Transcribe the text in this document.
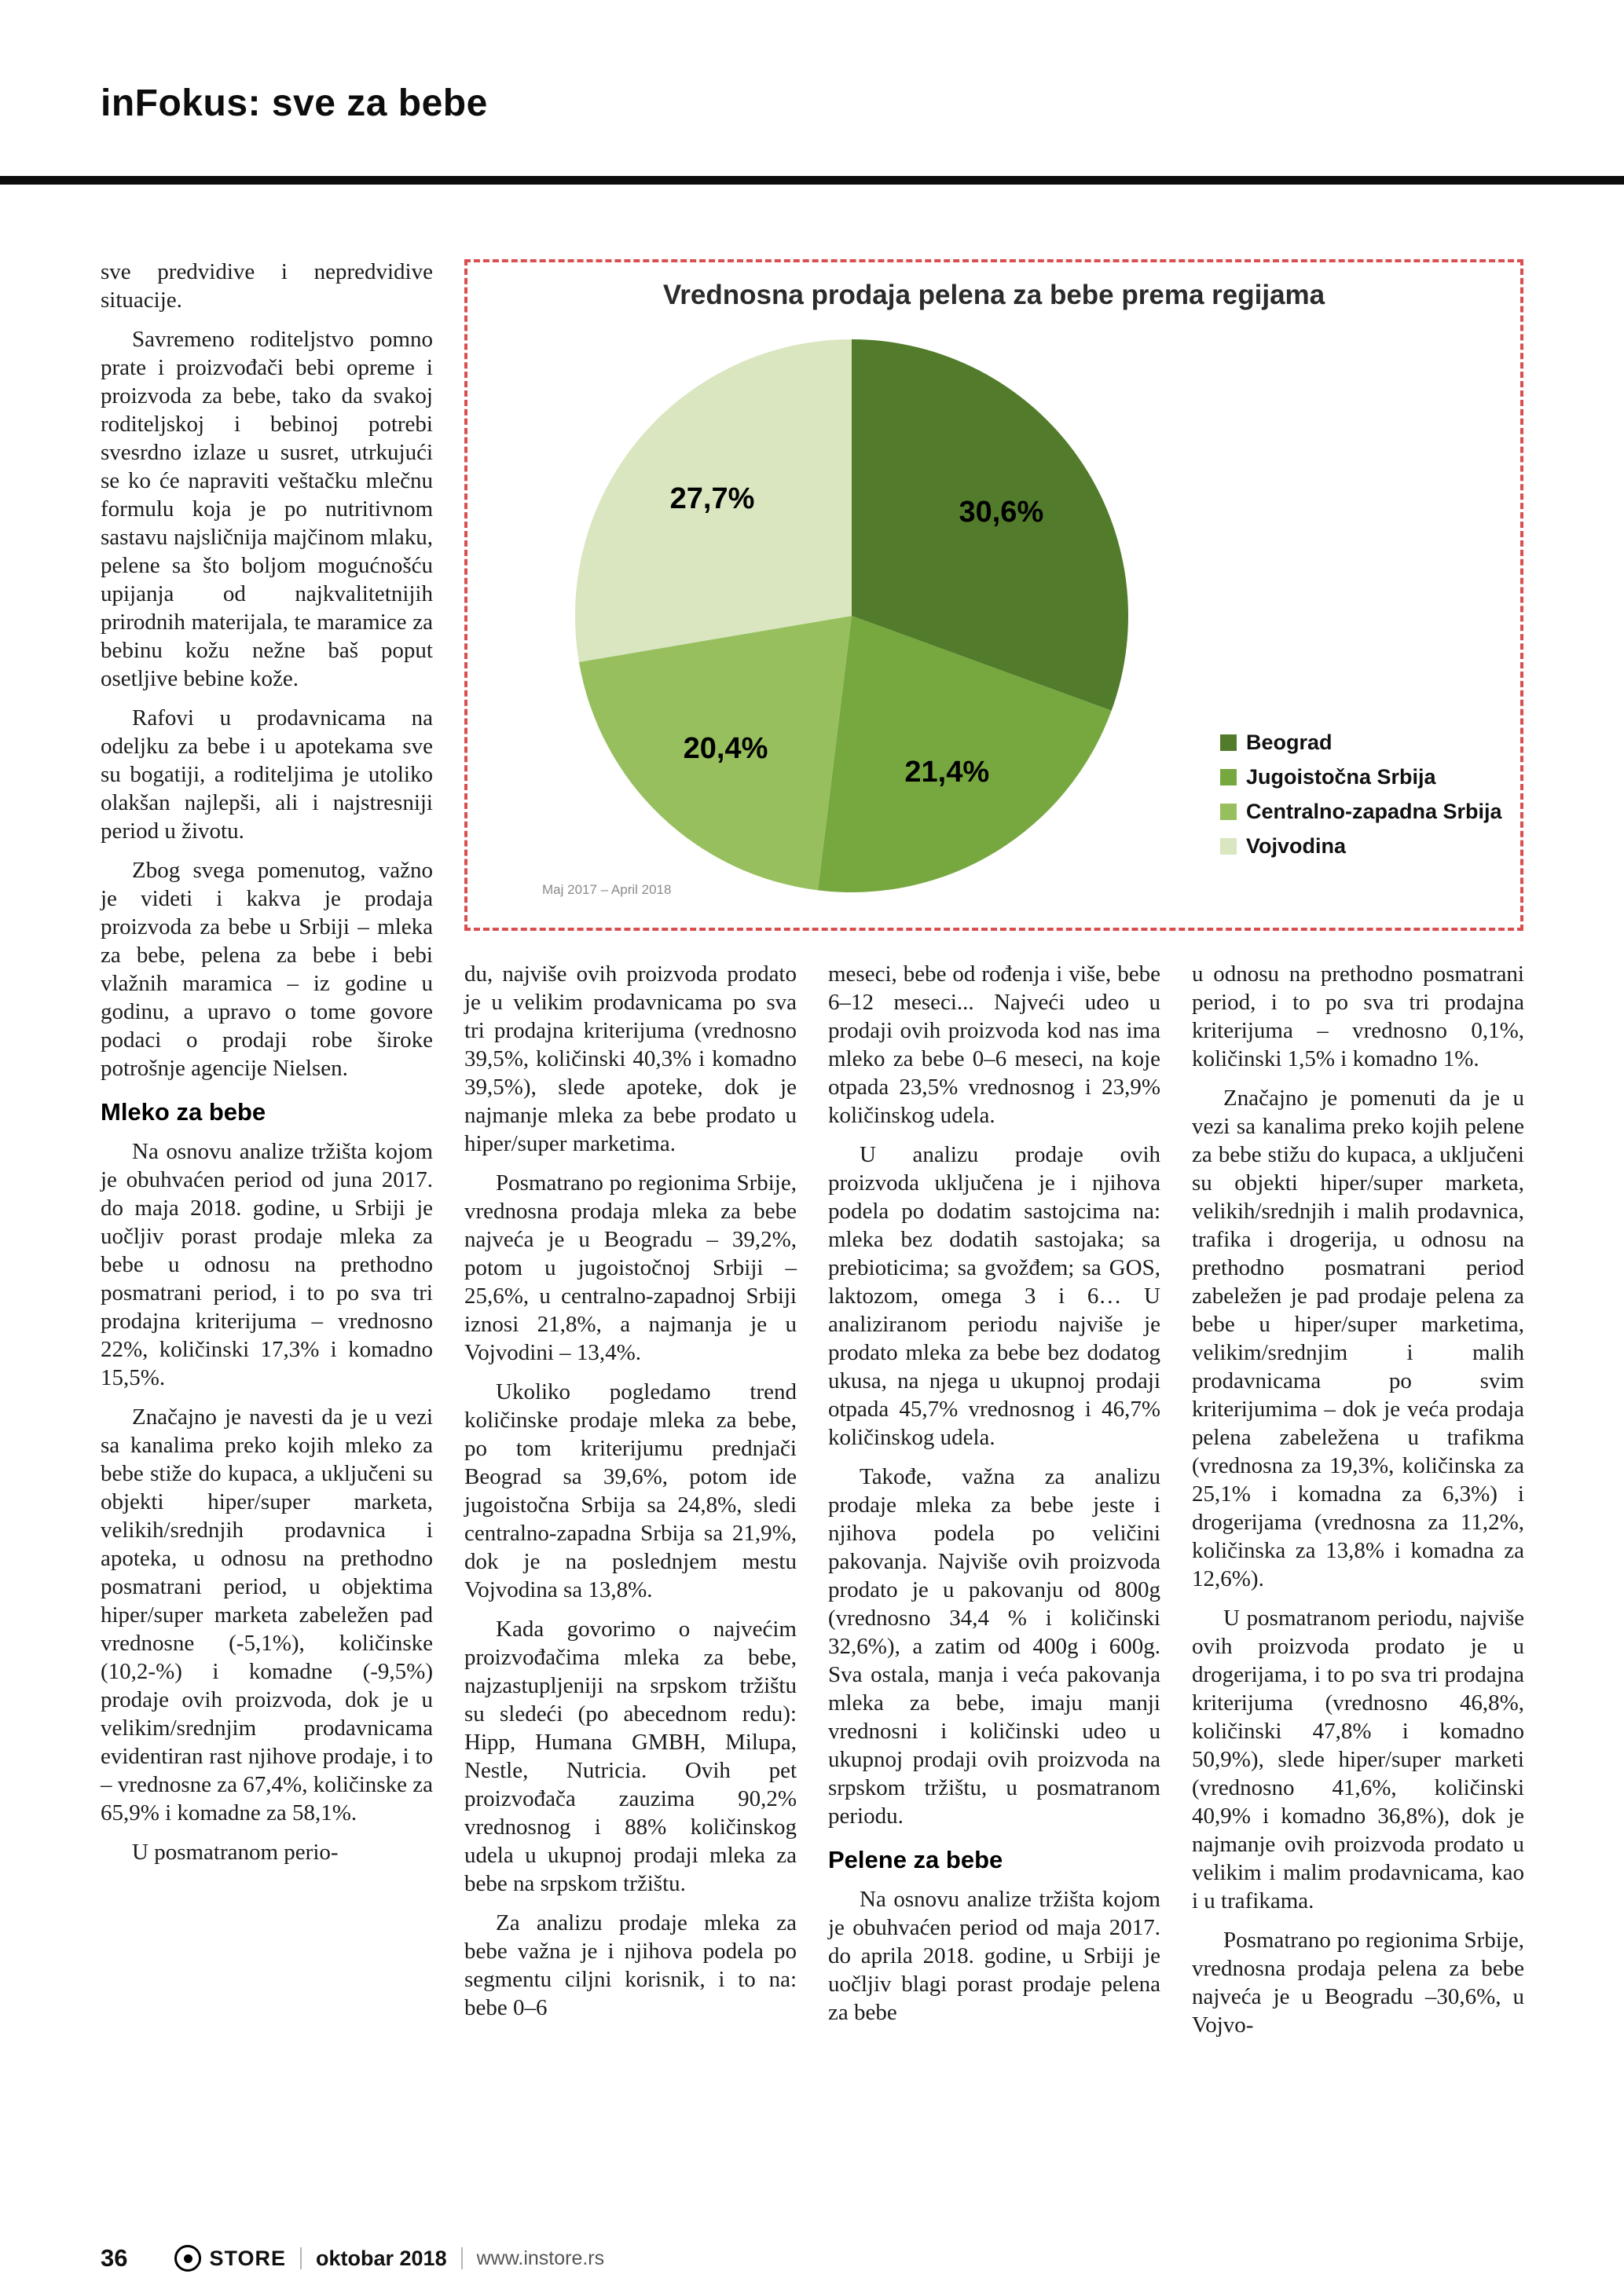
inFokus: sve za bebe
Vrednosna prodaja pelena za bebe prema regijama
30,6%
21,4%
20,4%
27,7%
Beograd
Jugoistočna Srbija
Centralno-zapadna Srbija
Vojvodina
Maj 2017 – April 2018

sve predvidive i nepredvidive situacije.

Savremeno roditeljstvo pomno prate i proizvođači bebi opreme i proizvoda za bebe, tako da svakoj roditeljskoj i bebinoj potrebi svesrdno izlaze u susret, utrkujući se ko će napraviti veštačku mlečnu formulu koja je po nutritivnom sastavu najsličnija majčinom mlaku, pelene sa što boljom mogućnošću upijanja od najkvalitetnijih prirodnih materijala, te maramice za bebinu kožu nežne baš poput osetljive bebine kože.

Rafovi u prodavnicama na odeljku za bebe i u apotekama sve su bogatiji, a roditeljima je utoliko olakšan najlepši, ali i najstresniji period u životu.

Zbog svega pomenutog, važno je videti i kakva je prodaja proizvoda za bebe u Srbiji – mleka za bebe, pelena za bebe i bebi vlažnih maramica – iz godine u godinu, a upravo o tome govore podaci o prodaji robe široke potrošnje agencije Nielsen.

Mleko za bebe

Na osnovu analize tržišta kojom je obuhvaćen period od juna 2017. do maja 2018. godine, u Srbiji je uočljiv porast prodaje mleka za bebe u odnosu na prethodno posmatrani period, i to po sva tri prodajna kriterijuma – vrednosno 22%, količinski 17,3% i komadno 15,5%.

Značajno je navesti da je u vezi sa kanalima preko kojih mleko za bebe stiže do kupaca, a uključeni su objekti hiper/super marketa, velikih/srednjih prodavnica i apoteka, u odnosu na prethodno posmatrani period, u objektima hiper/super marketa zabeležen pad vrednosne (-5,1%), količinske (10,2-%) i komadne (-9,5%) prodaje ovih proizvoda, dok je u velikim/srednjim prodavnicama evidentiran rast njihove prodaje, i to – vrednosne za 67,4%, količinske za 65,9% i komadne za 58,1%.

U posmatranom perio-

du, najviše ovih proizvoda prodato je u velikim prodavnicama po sva tri prodajna kriterijuma (vrednosno 39,5%, količinski 40,3% i komadno 39,5%), slede apoteke, dok je najmanje mleka za bebe prodato u hiper/super marketima.

Posmatrano po regionima Srbije, vrednosna prodaja mleka za bebe najveća je u Beogradu – 39,2%, potom u jugoistočnoj Srbiji – 25,6%, u centralno-zapadnoj Srbiji iznosi 21,8%, a najmanja je u Vojvodini – 13,4%.

Ukoliko pogledamo trend količinske prodaje mleka za bebe, po tom kriterijumu prednjači Beograd sa 39,6%, potom ide jugoistočna Srbija sa 24,8%, sledi centralno-zapadna Srbija sa 21,9%, dok je na poslednjem mestu Vojvodina sa 13,8%.

Kada govorimo o najvećim proizvođačima mleka za bebe, najzastupljeniji na srpskom tržištu su sledeći (po abecednom redu): Hipp, Humana GMBH, Milupa, Nestle, Nutricia. Ovih pet proizvođača zauzima 90,2% vrednosnog i 88% količinskog udela u ukupnoj prodaji mleka za bebe na srpskom tržištu.

Za analizu prodaje mleka za bebe važna je i njihova podela po segmentu ciljni korisnik, i to na: bebe 0–6

meseci, bebe od rođenja i više, bebe 6–12 meseci... Najveći udeo u prodaji ovih proizvoda kod nas ima mleko za bebe 0–6 meseci, na koje otpada 23,5% vrednosnog i 23,9% količinskog udela.

U analizu prodaje ovih proizvoda uključena je i njihova podela po dodatim sastojcima na: mleka bez dodatih sastojaka; sa prebioticima; sa gvožđem; sa GOS, laktozom, omega 3 i 6… U analiziranom periodu najviše je prodato mleka za bebe bez dodatog ukusa, na njega u ukupnoj prodaji otpada 45,7% vrednosnog i 46,7% količinskog udela.

Takođe, važna za analizu prodaje mleka za bebe jeste i njihova podela po veličini pakovanja. Najviše ovih proizvoda prodato je u pakovanju od 800g (vrednosno 34,4 % i količinski 32,6%), a zatim od 400g i 600g. Sva ostala, manja i veća pakovanja mleka za bebe, imaju manji vrednosni i količinski udeo u ukupnoj prodaji ovih proizvoda na srpskom tržištu, u posmatranom periodu.

Pelene za bebe

Na osnovu analize tržišta kojom je obuhvaćen period od maja 2017. do aprila 2018. godine, u Srbiji je uočljiv blagi porast prodaje pelena za bebe

u odnosu na prethodno posmatrani period, i to po sva tri prodajna kriterijuma – vrednosno 0,1%, količinski 1,5% i komadno 1%.

Značajno je pomenuti da je u vezi sa kanalima preko kojih pelene za bebe stižu do kupaca, a uključeni su objekti hiper/super marketa, velikih/srednjih i malih prodavnica, trafika i drogerija, u odnosu na prethodno posmatrani period zabeležen je pad prodaje pelena za bebe u hiper/super marketima, velikim/srednjim i malih prodavnicama po svim kriterijumima – dok je veća prodaja pelena zabeležena u trafikma (vrednosna za 19,3%, količinska za 25,1% i komadna za 6,3%) i drogerijama (vrednosna za 11,2%, količinska za 13,8% i komadna za 12,6%).

U posmatranom periodu, najviše ovih proizvoda prodato je u drogerijama, i to po sva tri prodajna kriterijuma (vrednosno 46,8%, količinski 47,8% i komadno 50,9%), slede hiper/super marketi (vrednosno 41,6%, količinski 40,9% i komadno 36,8%), dok je najmanje ovih proizvoda prodato u velikim i malim prodavnicama, kao i u trafikama.

Posmatrano po regionima Srbije, vrednosna prodaja pelena za bebe najveća je u Beogradu –30,6%, u Vojvo-

36	STORE oktobar 2018 www.instore.rs
